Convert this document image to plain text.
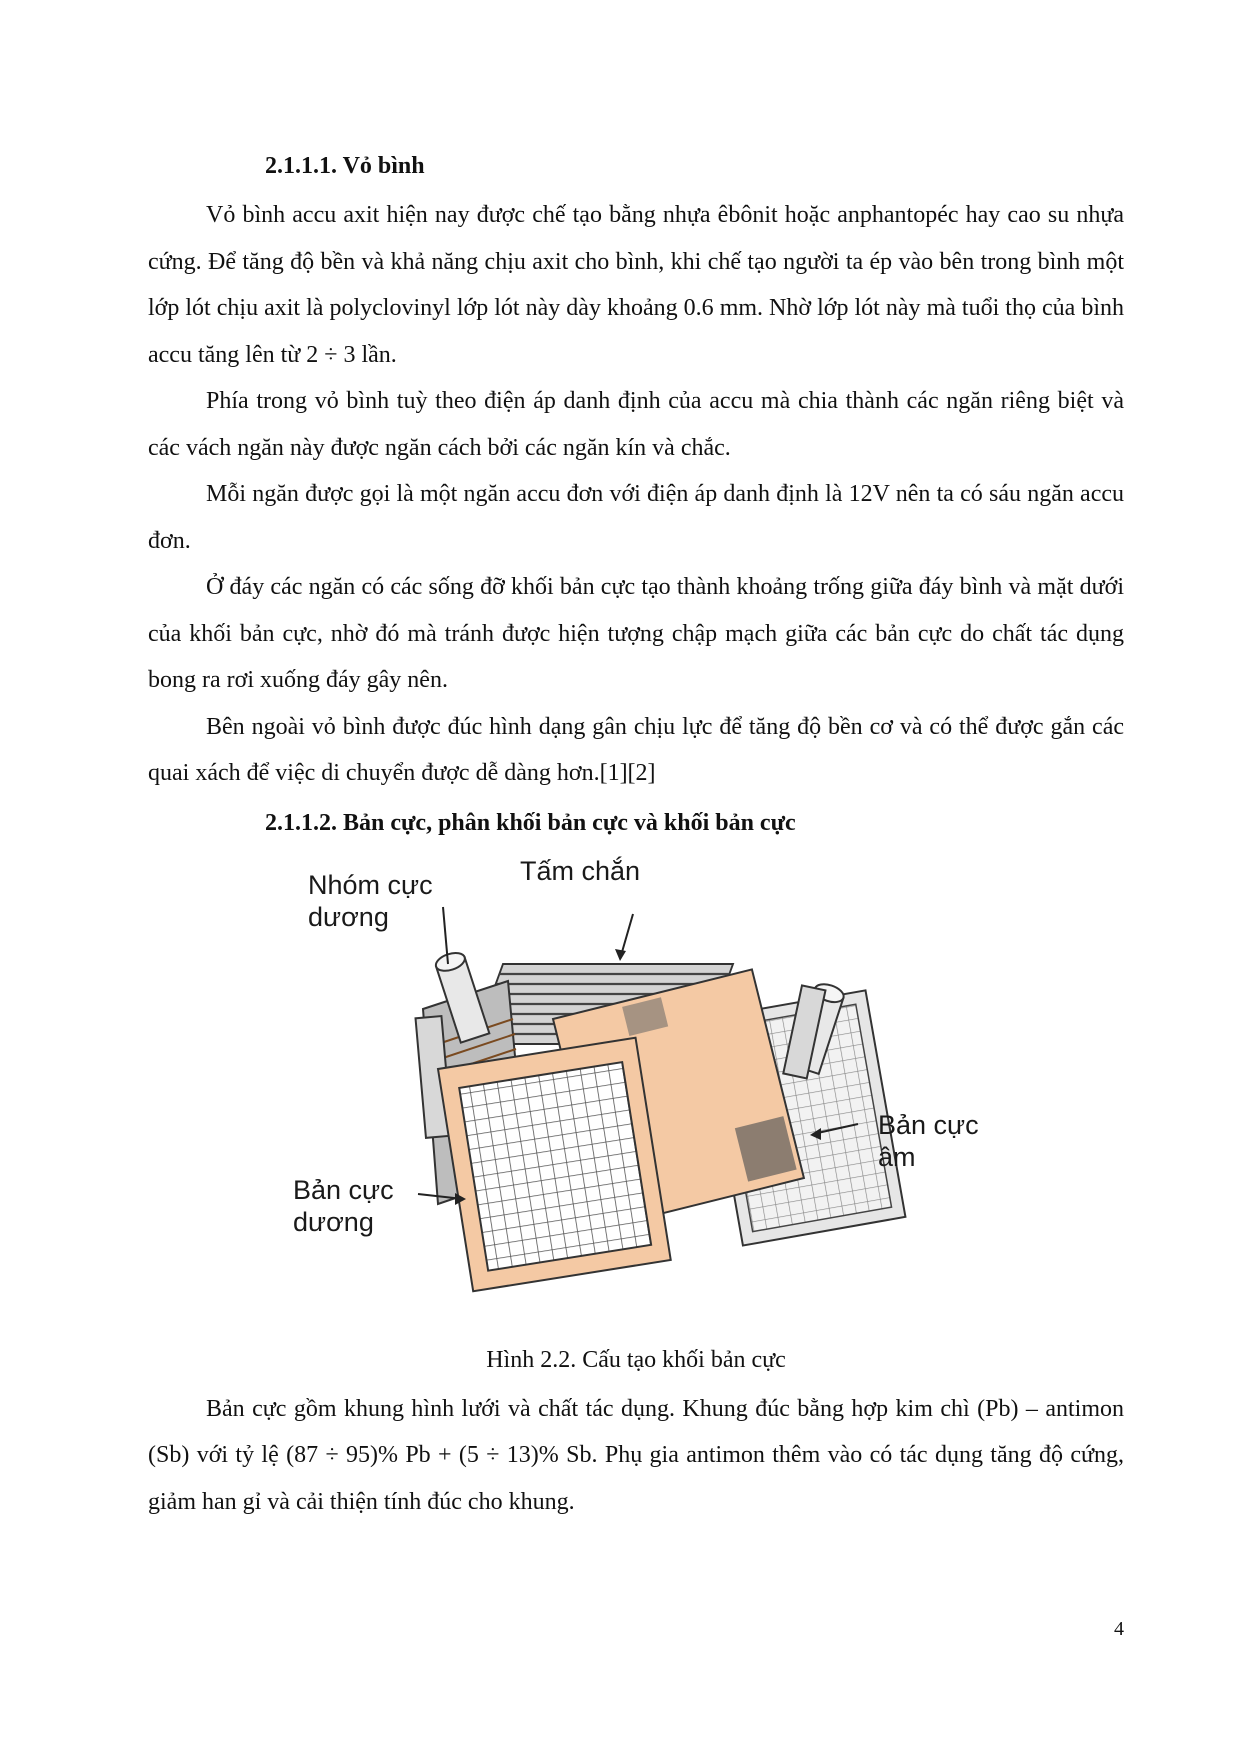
2.1.1.1. Vỏ bình

Vỏ bình accu axit hiện nay được chế tạo bằng nhựa êbônit hoặc anphantopéc hay cao su nhựa cứng. Để tăng độ bền và khả năng chịu axit cho bình, khi chế tạo người ta ép vào bên trong bình một lớp lót chịu axit là polyclovinyl lớp lót này dày khoảng 0.6 mm. Nhờ lớp lót này mà tuổi thọ của bình accu tăng lên từ 2 ÷ 3 lần.

Phía trong vỏ bình tuỳ theo điện áp danh định của accu mà chia thành các ngăn riêng biệt và các vách ngăn này được ngăn cách bởi các ngăn kín và chắc.

Mỗi ngăn được gọi là một ngăn accu đơn với điện áp danh định là 12V nên ta có sáu ngăn accu đơn.

Ở đáy các ngăn có các sống đỡ khối bản cực tạo thành khoảng trống giữa đáy bình và mặt dưới của khối bản cực, nhờ đó mà tránh được hiện tượng chập mạch giữa các bản cực do chất tác dụng bong ra rơi xuống đáy gây nên.

Bên ngoài vỏ bình được đúc hình dạng gân chịu lực để tăng độ bền cơ và có thể được gắn các quai xách để việc di chuyển được dễ dàng hơn.[1][2]

2.1.1.2. Bản cực, phân khối bản cực và khối bản cực
Nhóm cực
dương
Tấm chắn
Bản cực
âm
Bản cực
dương
Hình 2.2. Cấu tạo khối bản cực

Bản cực gồm khung hình lưới và chất tác dụng. Khung đúc bằng hợp kim chì (Pb) – antimon (Sb) với tỷ lệ (87 ÷ 95)% Pb + (5 ÷ 13)% Sb. Phụ gia antimon thêm vào có tác dụng tăng độ cứng, giảm han gỉ và cải thiện tính đúc cho khung.

4
